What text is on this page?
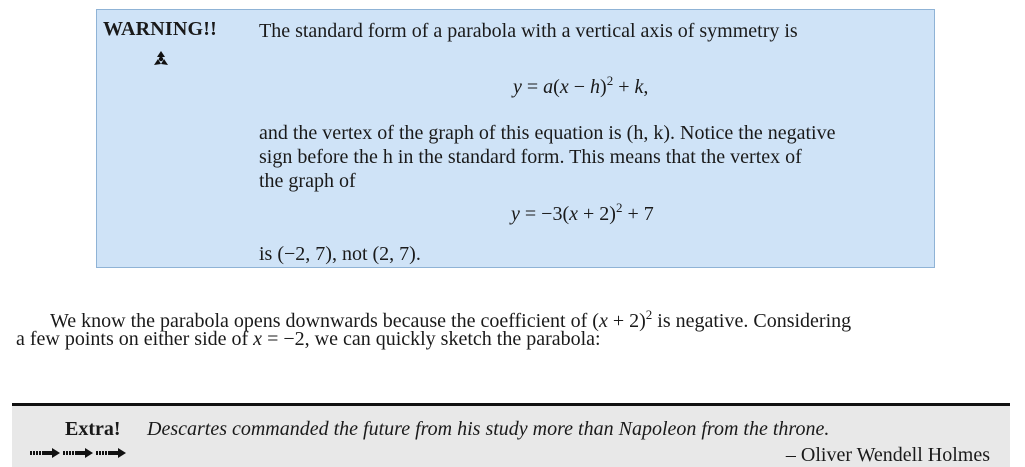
WARNING!! The standard form of a parabola with a vertical axis of symmetry is
$y = a(x - h)^2 + k$,
and the vertex of the graph of this equation is (h, k). Notice the negative
sign before the h in the standard form. This means that the vertex of
the graph of
$y = -3(x + 2)^2 + 7$
is (−2, 7), not (2, 7).
We know the parabola opens downwards because the coefficient of $(x + 2)^2$ is negative. Considering
a few points on either side of x = −2, we can quickly sketch the parabola:
Extra! Descartes commanded the future from his study more than Napoleon from the throne.
– Oliver Wendell Holmes
